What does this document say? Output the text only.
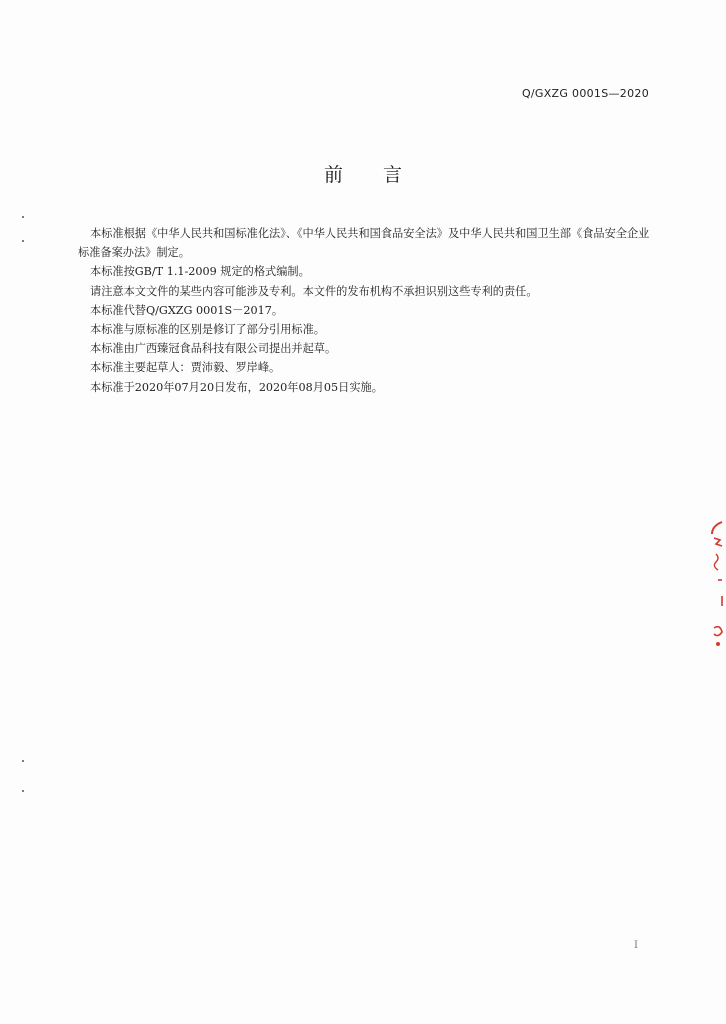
Q/GXZG 0001S—2020
前 言

本标准根据《中华人民共和国标准化法》、《中华人民共和国食品安全法》及中华人民共和国卫生部《食品安全企业标准备案办法》制定。

本标准按GB/T 1.1-2009 规定的格式编制。

请注意本文文件的某些内容可能涉及专利。本文件的发布机构不承担识别这些专利的责任。

本标准代替Q/GXZG 0001S－2017。

本标准与原标准的区别是修订了部分引用标准。

本标准由广西臻冠食品科技有限公司提出并起草。

本标准主要起草人：贾沛毅、罗岸峰。

本标准于2020年07月20日发布，2020年08月05日实施。

I
